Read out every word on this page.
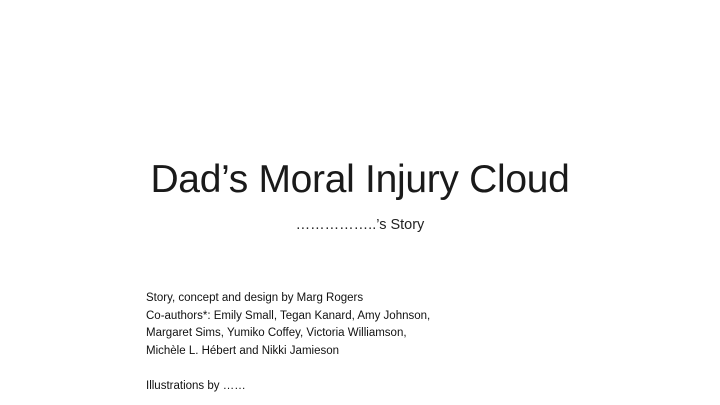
Dad’s Moral Injury Cloud
……………..’s Story
Story, concept and design by Marg Rogers
Co-authors*: Emily Small, Tegan Kanard, Amy Johnson,
Margaret Sims, Yumiko Coffey, Victoria Williamson,
Michèle L. Hébert and Nikki Jamieson
Illustrations by ……
